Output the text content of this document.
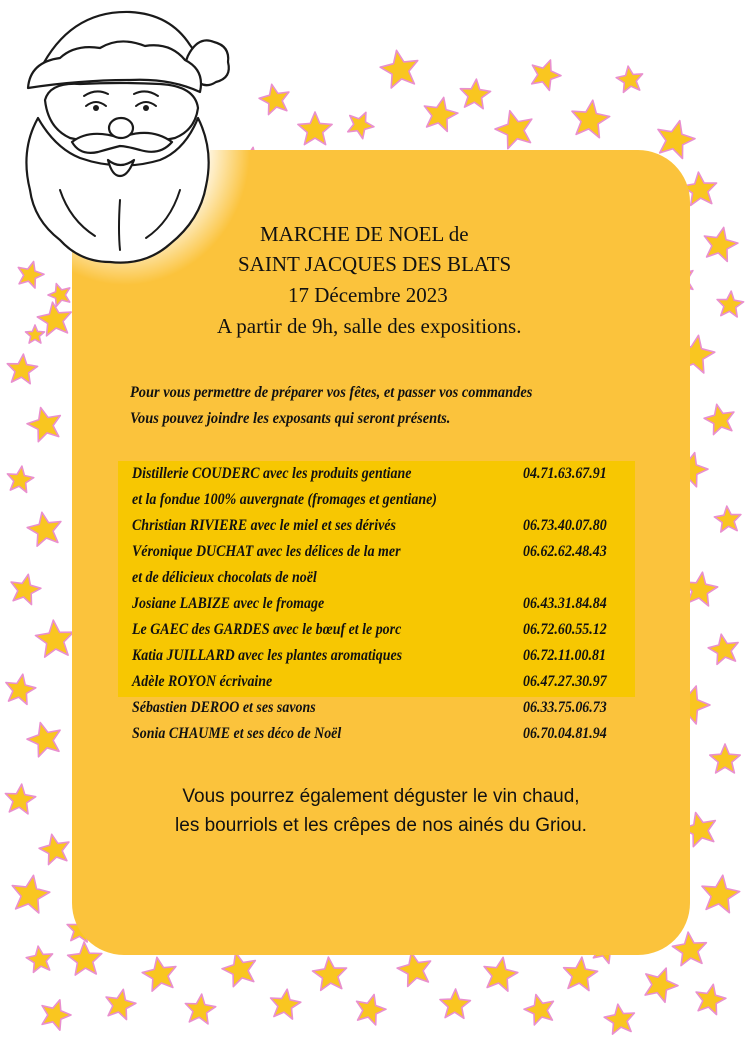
MARCHE DE NOEL de
SAINT JACQUES DES BLATS
17 Décembre 2023
A partir de 9h, salle des expositions.
Pour vous permettre de préparer vos fêtes, et passer vos commandes
Vous pouvez joindre les exposants qui seront présents.
Distillerie COUDERC avec les produits gentiane	04.71.63.67.91
et la fondue 100% auvergnate (fromages et gentiane)
Christian RIVIERE avec le miel et ses dérivés	06.73.40.07.80
Véronique DUCHAT avec les délices de la mer	06.62.62.48.43
et de délicieux chocolats de noël
Josiane LABIZE avec le fromage	06.43.31.84.84
Le GAEC des GARDES avec le bœuf et le porc	06.72.60.55.12
Katia JUILLARD avec les plantes aromatiques	06.72.11.00.81
Adèle ROYON écrivaine	06.47.27.30.97
Sébastien DEROO et ses savons	06.33.75.06.73
Sonia CHAUME et ses déco de Noël	06.70.04.81.94
Vous pourrez également déguster le vin chaud,
les bourriols et les crêpes de nos ainés du Griou.
